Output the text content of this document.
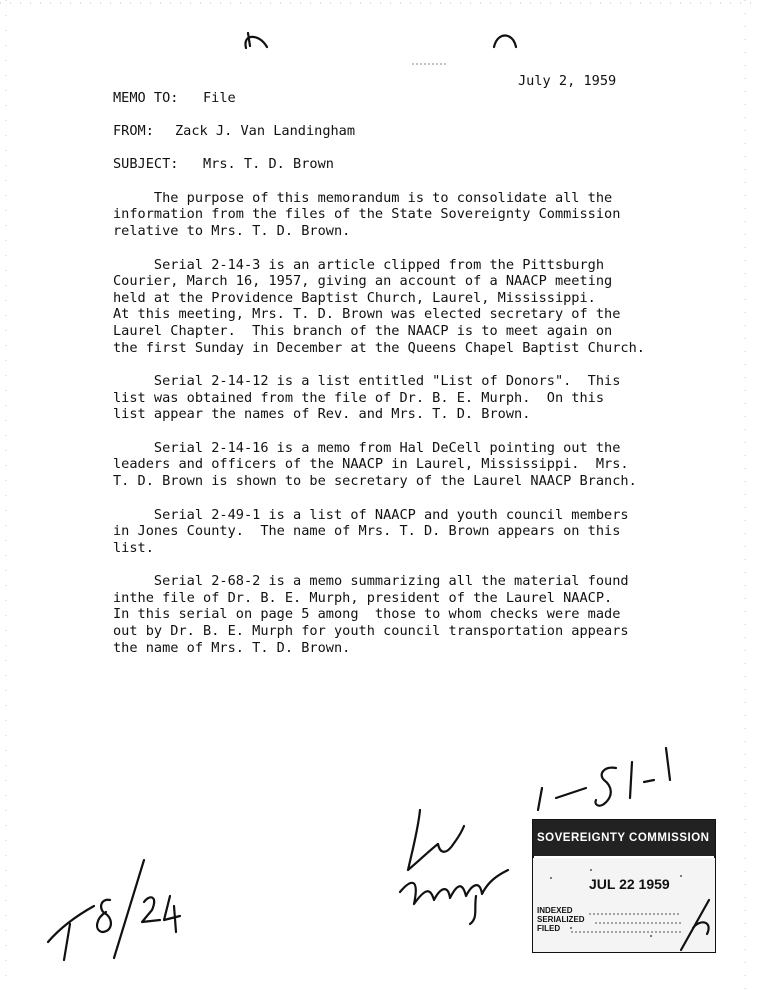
July 2, 1959
MEMO TO: File
FROM: Zack J. Van Landingham
SUBJECT: Mrs. T. D. Brown
The purpose of this memorandum is to consolidate all the
information from the files of the State Sovereignty Commission
relative to Mrs. T. D. Brown.
Serial 2-14-3 is an article clipped from the Pittsburgh
Courier, March 16, 1957, giving an account of a NAACP meeting
held at the Providence Baptist Church, Laurel, Mississippi.
At this meeting, Mrs. T. D. Brown was elected secretary of the
Laurel Chapter.  This branch of the NAACP is to meet again on
the first Sunday in December at the Queens Chapel Baptist Church.
Serial 2-14-12 is a list entitled "List of Donors".  This
list was obtained from the file of Dr. B. E. Murph.  On this
list appear the names of Rev. and Mrs. T. D. Brown.
Serial 2-14-16 is a memo from Hal DeCell pointing out the
leaders and officers of the NAACP in Laurel, Mississippi.  Mrs.
T. D. Brown is shown to be secretary of the Laurel NAACP Branch.
Serial 2-49-1 is a list of NAACP and youth council members
in Jones County.  The name of Mrs. T. D. Brown appears on this
list.
Serial 2-68-2 is a memo summarizing all the material found
inthe file of Dr. B. E. Murph, president of the Laurel NAACP.
In this serial on page 5 among  those to whom checks were made
out by Dr. B. E. Murph for youth council transportation appears
the name of Mrs. T. D. Brown.
SOVEREIGNTY COMMISSION
JUL 22 1959
INDEXED
SERIALIZED
FILED
